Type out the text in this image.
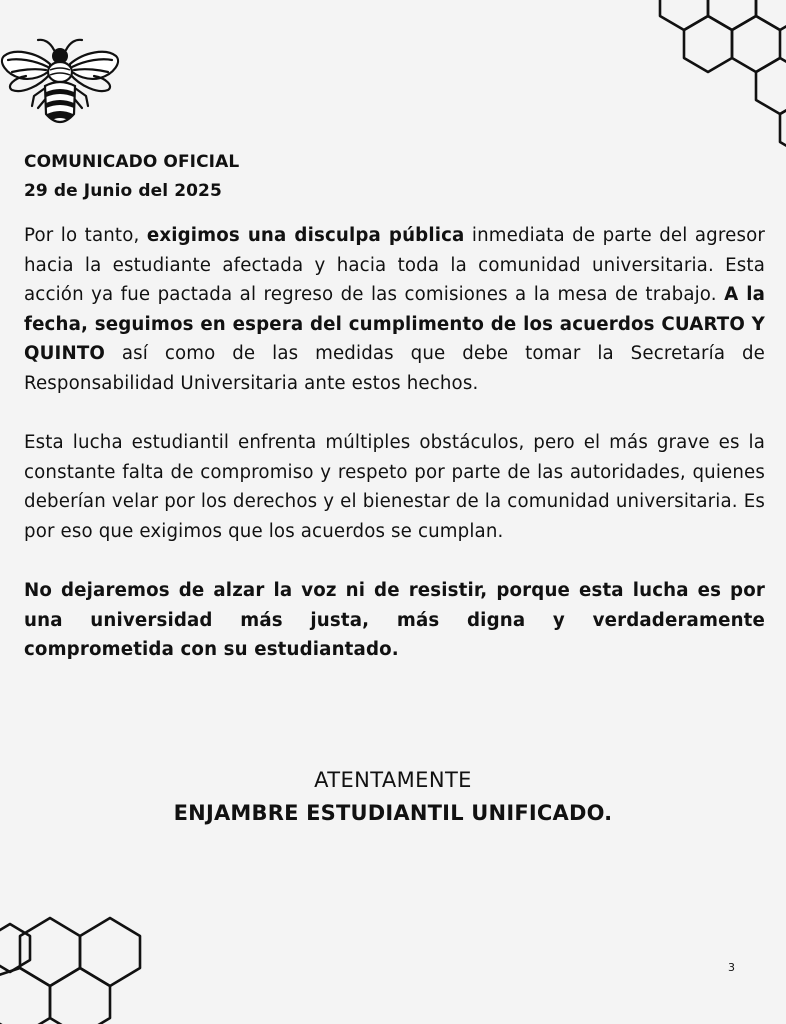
COMUNICADO OFICIAL
29 de Junio del 2025

Por lo tanto, exigimos una disculpa pública inmediata de parte del agresor hacia la estudiante afectada y hacia toda la comunidad universitaria. Esta acción ya fue pactada al regreso de las comisiones a la mesa de trabajo. A la fecha, seguimos en espera del cumplimento de los acuerdos CUARTO Y QUINTO así como de las medidas que debe tomar la Secretaría de Responsabilidad Universitaria ante estos hechos.

Esta lucha estudiantil enfrenta múltiples obstáculos, pero el más grave es la constante falta de compromiso y respeto por parte de las autoridades, quienes deberían velar por los derechos y el bienestar de la comunidad universitaria. Es por eso que exigimos que los acuerdos se cumplan.

No dejaremos de alzar la voz ni de resistir, porque esta lucha es por una universidad más justa, más digna y verdaderamente comprometida con su estudiantado.

ATENTAMENTE
ENJAMBRE ESTUDIANTIL UNIFICADO.
3
